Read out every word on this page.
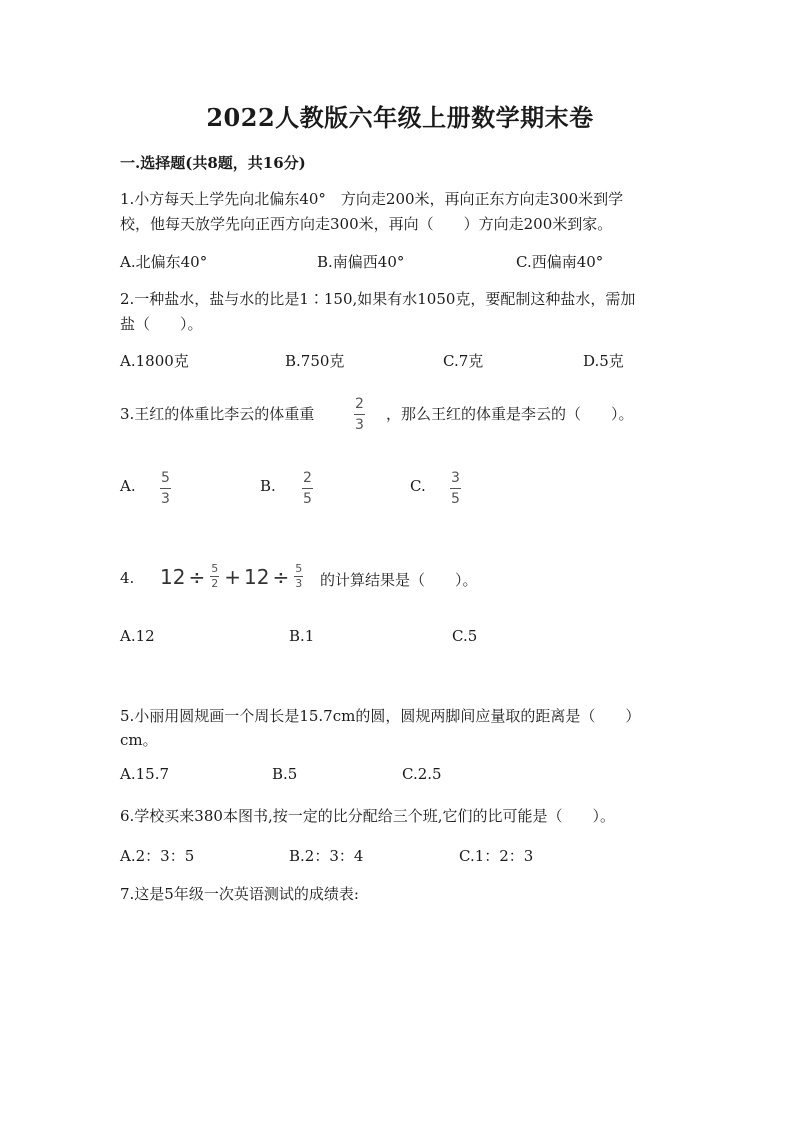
2022人教版六年级上册数学期末卷
一.选择题(共8题，共16分)
1.小方每天上学先向北偏东40°　方向走200米，再向正东方向走300米到学
校，他每天放学先向正西方向走300米，再向（　　）方向走200米到家。
A.北偏东40°	B.南偏西40°	C.西偏南40°
2.一种盐水，盐与水的比是1∶150,如果有水1050克，要配制这种盐水，需加
盐（　　）。
A.1800克	B.750克	C.7克	D.5克
3.王红的体重比李云的体重重	$\frac{2}{3}$ ，那么王红的体重是李云的（　　）。
A. $\frac{5}{3}$	B. $\frac{2}{5}$	C. $\frac{3}{5}$
4. $12 \div \frac{5}{2} + 12 \div \frac{5}{3}$ 的计算结果是（　　）。
A.12	B.1	C.5
5.小丽用圆规画一个周长是15.7cm的圆，圆规两脚间应量取的距离是（　　）
cm。
A.15.7	B.5	C.2.5
6.学校买来380本图书,按一定的比分配给三个班,它们的比可能是（　　）。
A.2：3：5	B.2：3：4	C.1：2：3
7.这是5年级一次英语测试的成绩表:
